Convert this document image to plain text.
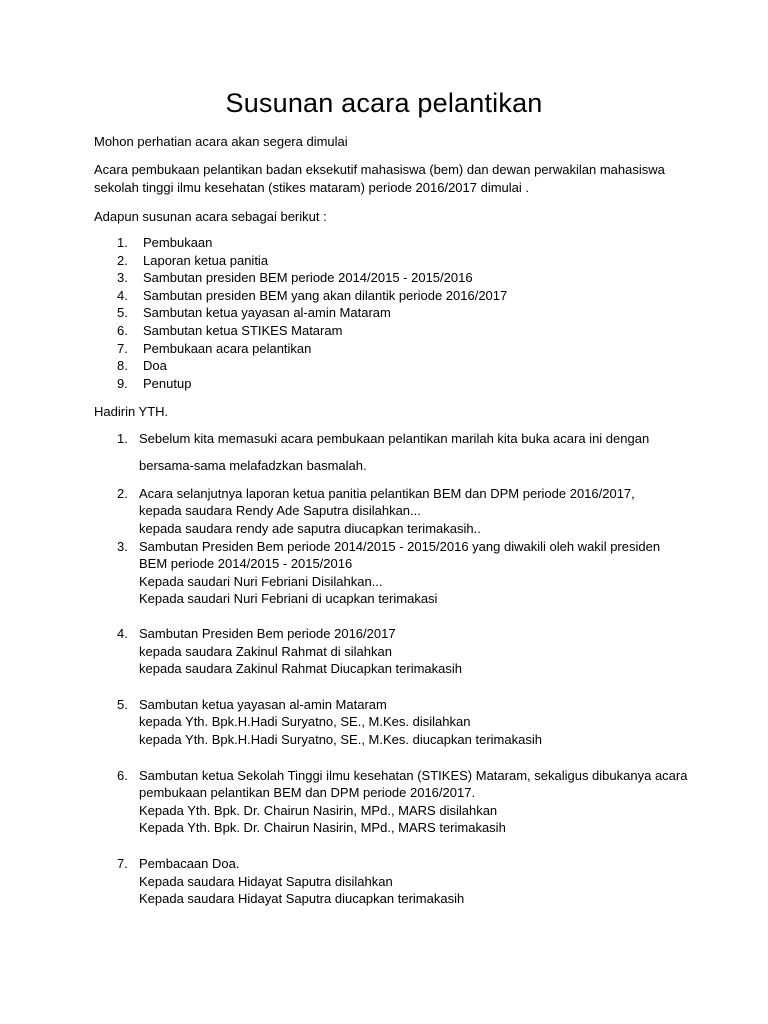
Susunan acara pelantikan
Mohon perhatian acara akan segera dimulai
Acara pembukaan pelantikan badan eksekutif mahasiswa (bem) dan dewan perwakilan mahasiswa
sekolah tinggi ilmu kesehatan (stikes mataram) periode 2016/2017 dimulai .
Adapun susunan acara sebagai berikut :
1. Pembukaan
2. Laporan ketua panitia
3. Sambutan presiden BEM periode 2014/2015 - 2015/2016
4. Sambutan presiden BEM yang akan dilantik periode 2016/2017
5. Sambutan ketua yayasan al-amin Mataram
6. Sambutan ketua STIKES Mataram
7. Pembukaan acara pelantikan
8. Doa
9. Penutup
Hadirin YTH.
1. Sebelum kita memasuki acara pembukaan pelantikan marilah kita buka acara ini dengan
bersama-sama melafadzkan basmalah.
2. Acara selanjutnya laporan ketua panitia pelantikan BEM dan DPM periode 2016/2017,
kepada saudara Rendy Ade Saputra disilahkan...
kepada saudara rendy ade saputra diucapkan terimakasih..
3. Sambutan Presiden Bem periode 2014/2015 - 2015/2016 yang diwakili oleh wakil presiden
BEM periode 2014/2015 - 2015/2016
Kepada saudari Nuri Febriani Disilahkan...
Kepada saudari Nuri Febriani di ucapkan terimakasi
4. Sambutan Presiden Bem periode 2016/2017
kepada saudara Zakinul Rahmat di silahkan
kepada saudara Zakinul Rahmat Diucapkan terimakasih
5. Sambutan ketua yayasan al-amin Mataram
kepada Yth. Bpk.H.Hadi Suryatno, SE., M.Kes. disilahkan
kepada Yth. Bpk.H.Hadi Suryatno, SE., M.Kes. diucapkan terimakasih
6. Sambutan ketua Sekolah Tinggi ilmu kesehatan (STIKES) Mataram, sekaligus dibukanya acara
pembukaan pelantikan BEM dan DPM periode 2016/2017.
Kepada Yth. Bpk. Dr. Chairun Nasirin, MPd., MARS disilahkan
Kepada Yth. Bpk. Dr. Chairun Nasirin, MPd., MARS terimakasih
7. Pembacaan Doa.
Kepada saudara Hidayat Saputra disilahkan
Kepada saudara Hidayat Saputra diucapkan terimakasih
